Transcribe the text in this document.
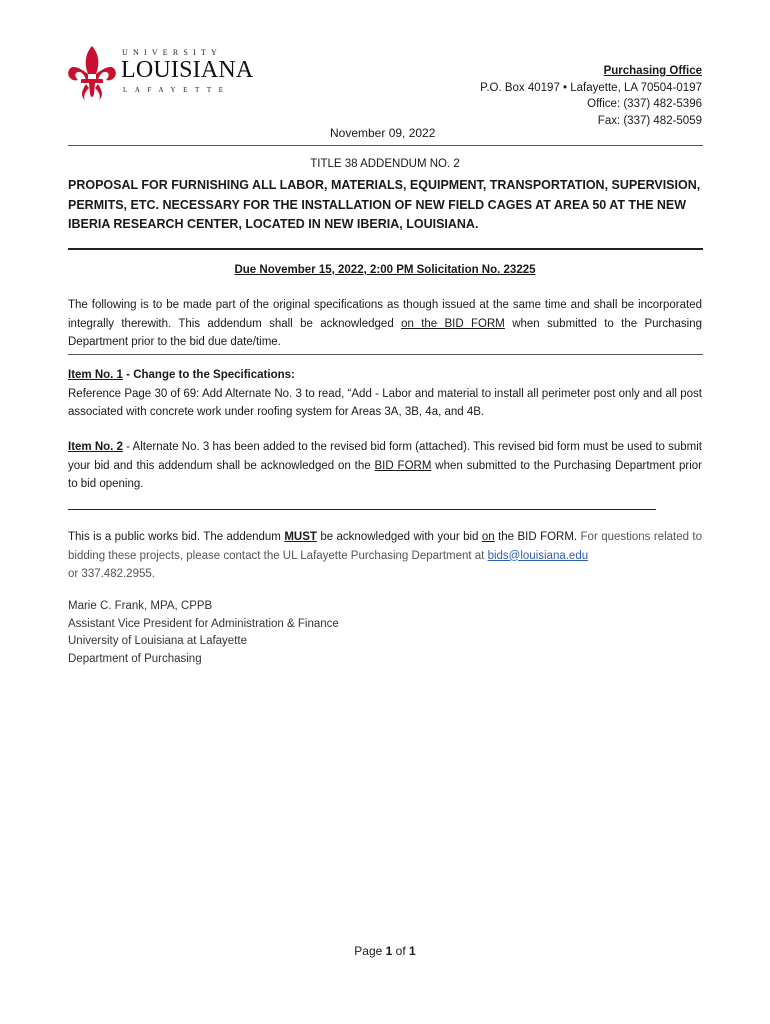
UNIVERSITY
LOUISIANA
LAFAYETTE
Purchasing Office
P.O. Box 40197 • Lafayette, LA 70504-0197
Office: (337) 482-5396
Fax: (337) 482-5059
November 09, 2022
TITLE 38 ADDENDUM NO. 2
PROPOSAL FOR FURNISHING ALL LABOR, MATERIALS, EQUIPMENT, TRANSPORTATION, SUPERVISION, PERMITS, ETC. NECESSARY FOR THE INSTALLATION OF NEW FIELD CAGES AT AREA 50 AT THE NEW IBERIA RESEARCH CENTER, LOCATED IN NEW IBERIA, LOUISIANA.
Due November 15, 2022, 2:00 PM Solicitation No. 23225
The following is to be made part of the original specifications as though issued at the same time and shall be incorporated integrally therewith. This addendum shall be acknowledged on the BID FORM when submitted to the Purchasing Department prior to the bid due date/time.
Item No. 1 - Change to the Specifications:
Reference Page 30 of 69: Add Alternate No. 3 to read, “Add - Labor and material to install all perimeter post only and all post associated with concrete work under roofing system for Areas 3A, 3B, 4a, and 4B.
Item No. 2 - Alternate No. 3 has been added to the revised bid form (attached). This revised bid form must be used to submit your bid and this addendum shall be acknowledged on the BID FORM when submitted to the Purchasing Department prior to bid opening.
This is a public works bid. The addendum MUST be acknowledged with your bid on the BID FORM. For questions related to bidding these projects, please contact the UL Lafayette Purchasing Department at bids@louisiana.edu
or 337.482.2955.
Marie C. Frank, MPA, CPPB
Assistant Vice President for Administration & Finance
University of Louisiana at Lafayette
Department of Purchasing
Page 1 of 1
